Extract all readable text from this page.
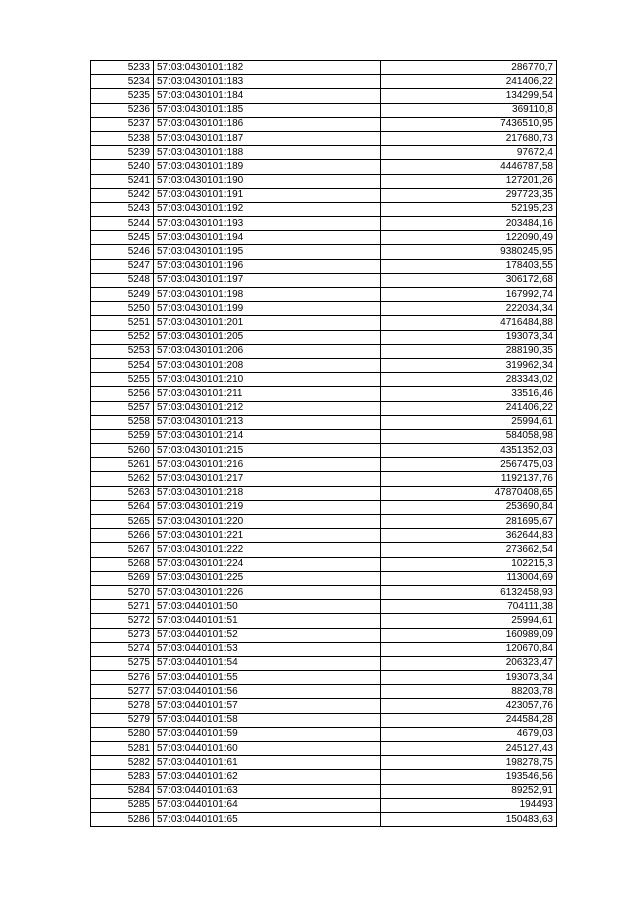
5233	57:03:0430101:182	286770,7
5234	57:03:0430101:183	241406,22
5235	57:03:0430101:184	134299,54
5236	57:03:0430101:185	369110,8
5237	57:03:0430101:186	7436510,95
5238	57:03:0430101:187	217680,73
5239	57:03:0430101:188	97672,4
5240	57:03:0430101:189	4446787,58
5241	57:03:0430101:190	127201,26
5242	57:03:0430101:191	297723,35
5243	57:03:0430101:192	52195,23
5244	57:03:0430101:193	203484,16
5245	57:03:0430101:194	122090,49
5246	57:03:0430101:195	9380245,95
5247	57:03:0430101:196	178403,55
5248	57:03:0430101:197	306172,68
5249	57:03:0430101:198	167992,74
5250	57:03:0430101:199	222034,34
5251	57:03:0430101:201	4716484,88
5252	57:03:0430101:205	193073,34
5253	57:03:0430101:206	288190,35
5254	57:03:0430101:208	319962,34
5255	57:03:0430101:210	283343,02
5256	57:03:0430101:211	33516,46
5257	57:03:0430101:212	241406,22
5258	57:03:0430101:213	25994,61
5259	57:03:0430101:214	584058,98
5260	57:03:0430101:215	4351352,03
5261	57:03:0430101:216	2567475,03
5262	57:03:0430101:217	1192137,76
5263	57:03:0430101:218	47870408,65
5264	57:03:0430101:219	253690,84
5265	57:03:0430101:220	281695,67
5266	57:03:0430101:221	362644,83
5267	57:03:0430101:222	273662,54
5268	57:03:0430101:224	102215,3
5269	57:03:0430101:225	113004,69
5270	57:03:0430101:226	6132458,93
5271	57:03:0440101:50	704111,38
5272	57:03:0440101:51	25994,61
5273	57:03:0440101:52	160989,09
5274	57:03:0440101:53	120670,84
5275	57:03:0440101:54	206323,47
5276	57:03:0440101:55	193073,34
5277	57:03:0440101:56	88203,78
5278	57:03:0440101:57	423057,76
5279	57:03:0440101:58	244584,28
5280	57:03:0440101:59	4679,03
5281	57:03:0440101:60	245127,43
5282	57:03:0440101:61	198278,75
5283	57:03:0440101:62	193546,56
5284	57:03:0440101:63	89252,91
5285	57:03:0440101:64	194493
5286	57:03:0440101:65	150483,63
